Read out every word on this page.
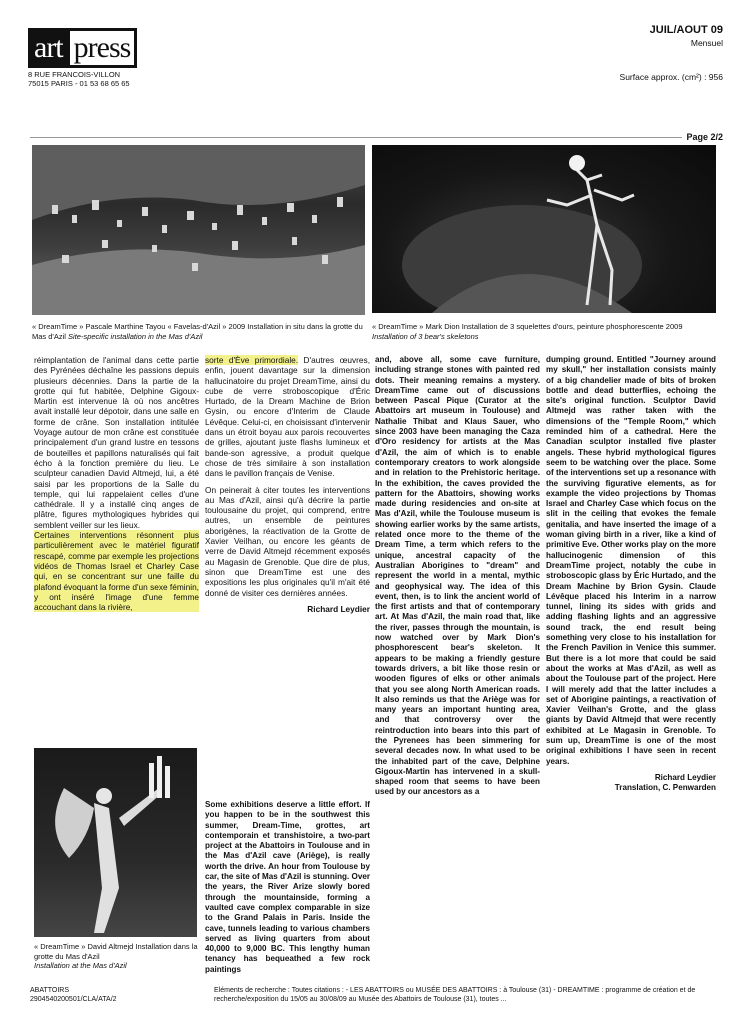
art press
8 RUE FRANCOIS-VILLON
75015 PARIS - 01 53 68 65 65
JUIL/AOUT 09
Mensuel
Surface approx. (cm²) : 956
Page 2/2
« DreamTime » Pascale Marthine Tayou « Favelas-d'Azil » 2009 Installation in situ dans la grotte du Mas d'Azil Site-specific installation in the Mas d'Azil
« DreamTime » Mark Dion Installation de 3 squelettes d'ours, peinture phosphorescente 2009 Installation of 3 bear's skeletons

réimplantation de l'animal dans cette partie des Pyrénées déchaîne les passions depuis plusieurs décennies. Dans la partie de la grotte qui fut habitée, Delphine Gigoux-Martin est intervenue là où nos ancêtres avait installé leur dépotoir, dans une salle en forme de crâne. Son installation intitulée Voyage autour de mon crâne est constituée principalement d'un grand lustre en tessons de bouteilles et papillons naturalisés qui fait écho à la fonction première du lieu. Le sculpteur canadien David Altmejd, lui, a été saisi par les proportions de la Salle du temple, qui lui rappelaient celles d'une cathédrale. Il y a installé cinq anges de plâtre, figures mythologiques hybrides qui semblent veiller sur les lieux.

Certaines interventions résonnent plus particulièrement avec le matériel figuratif rescapé, comme par exemple les projections vidéos de Thomas Israel et Charley Case qui, en se concentrant sur une faille du plafond évoquant la forme d'un sexe féminin, y ont inséré l'image d'une femme accouchant dans la rivière,

sorte d'Ève primordiale. D'autres œuvres, enfin, jouent davantage sur la dimension hallucinatoire du projet DreamTime, ainsi du cube de verre stroboscopique d'Éric Hurtado, de la Dream Machine de Brion Gysin, ou encore d'Interim de Claude Lévêque. Celui-ci, en choisissant d'intervenir dans un étroit boyau aux parois recouvertes de grilles, ajoutant juste flashs lumineux et bande-son agressive, a produit quelque chose de très similaire à son installation dans le pavillon français de Venise.

On peinerait à citer toutes les interventions au Mas d'Azil, ainsi qu'à décrire la partie toulousaine du projet, qui comprend, entre autres, un ensemble de peintures aborigènes, la réactivation de la Grotte de Xavier Veilhan, ou encore les géants de verre de David Altmejd récemment exposés au Magasin de Grenoble. Que dire de plus, sinon que DreamTime est une des expositions les plus originales qu'il m'ait été donné de visiter ces dernières années.

Richard Leydier

Some exhibitions deserve a little effort. If you happen to be in the southwest this summer, Dream-Time, grottes, art contemporain et transhistoire, a two-part project at the Abattoirs in Toulouse and in the Mas d'Azil cave (Ariège), is really worth the drive. An hour from Toulouse by car, the site of Mas d'Azil is stunning. Over the years, the River Arize slowly bored through the mountainside, forming a vaulted cave complex comparable in size to the Grand Palais in Paris. Inside the cave, tunnels leading to various chambers served as living quarters from about 40,000 to 9,000 BC. This lengthy human tenancy has bequeathed a few rock paintings

and, above all, some cave furniture, including strange stones with painted red dots. Their meaning remains a mystery. DreamTime came out of discussions between Pascal Pique (Curator at the Abattoirs art museum in Toulouse) and Nathalie Thibat and Klaus Sauer, who since 2003 have been managing the Caza d'Oro residency for artists at the Mas d'Azil, the aim of which is to enable contemporary creators to work alongside and in relation to the Prehistoric heritage. In the exhibition, the caves provided the pattern for the Abattoirs, showing works made during residencies and on-site at Mas d'Azil, while the Toulouse museum is showing earlier works by the same artists, related once more to the theme of the Dream Time, a term which refers to the unique, ancestral capacity of the Australian Aborigines to "dream" and represent the world in a mental, mythic and geophysical way. The idea of this event, then, is to link the ancient world of the first artists and that of contemporary art. At Mas d'Azil, the main road that, like the river, passes through the mountain, is now watched over by Mark Dion's phosphorescent bear's skeleton. It appears to be making a friendly gesture towards drivers, a bit like those resin or wooden figures of elks or other animals that you see along North American roads. It also reminds us that the Ariège was for many years an important hunting area, and that controversy over the reintroduction into bears into this part of the Pyrenees has been simmering for several decades now. In what used to be the inhabited part of the cave, Delphine Gigoux-Martin has intervened in a skull-shaped room that seems to have been used by our ancestors as a

dumping ground. Entitled "Journey around my skull," her installation consists mainly of a big chandelier made of bits of broken bottle and dead butterflies, echoing the site's original function. Sculptor David Altmejd was rather taken with the dimensions of the "Temple Room," which reminded him of a cathedral. Here the Canadian sculptor installed five plaster angels. These hybrid mythological figures seem to be watching over the place. Some of the interventions set up a resonance with the surviving figurative elements, as for example the video projections by Thomas Israel and Charley Case which focus on the slit in the ceiling that evokes the female genitalia, and have inserted the image of a woman giving birth in a river, like a kind of primitive Eve. Other works play on the more hallucinogenic dimension of this DreamTime project, notably the cube in stroboscopic glass by Éric Hurtado, and the Dream Machine by Brion Gysin. Claude Lévêque placed his Interim in a narrow tunnel, lining its sides with grids and adding flashing lights and an aggressive sound track, the end result being something very close to his installation for the French Pavilion in Venice this summer. But there is a lot more that could be said about the works at Mas d'Azil, as well as about the Toulouse part of the project. Here I will merely add that the latter includes a set of Aborigine paintings, a reactivation of Xavier Veilhan's Grotte, and the glass giants by David Altmejd that were recently exhibited at Le Magasin in Grenoble. To sum up, DreamTime is one of the most original exhibitions I have seen in recent years.

Richard Leydier
Translation, C. Penwarden
« DreamTime » David Altmejd Installation dans la grotte du Mas d'Azil
Installation at the Mas d'Azil
ABATTOIRS
2904540200501/CLA/ATA/2
Eléments de recherche : Toutes citations : - LES ABATTOIRS ou MUSÉE DES ABATTOIRS : à Toulouse (31) - DREAMTIME : programme de création et de recherche/exposition du 15/05 au 30/08/09 au Musée des Abattoirs de Toulouse (31), toutes ...
